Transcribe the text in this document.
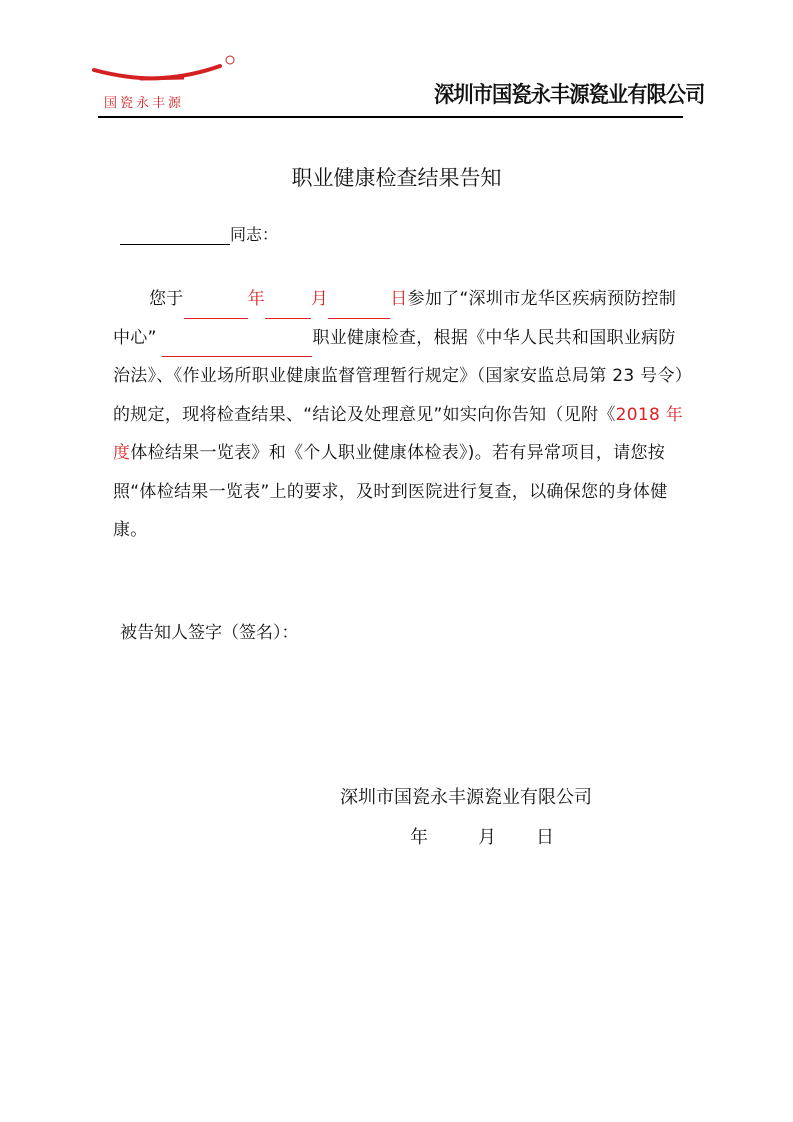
国瓷永丰源	深圳市国瓷永丰源瓷业有限公司
职业健康检查结果告知
同志：

您于	年	月	日参加了“深圳市龙华区疾病预防控制中心”	职业健康检查，根据《中华人民共和国职业病防治法》、《作业场所职业健康监督管理暂行规定》（国家安监总局第 23 号令）的规定，现将检查结果、“结论及处理意见”如实向你告知（见附《2018 年度体检结果一览表》和《个人职业健康体检表》)。若有异常项目，请您按照“体检结果一览表”上的要求，及时到医院进行复查，以确保您的身体健康。

被告知人签字（签名）：
深圳市国瓷永丰源瓷业有限公司
年	月 日
